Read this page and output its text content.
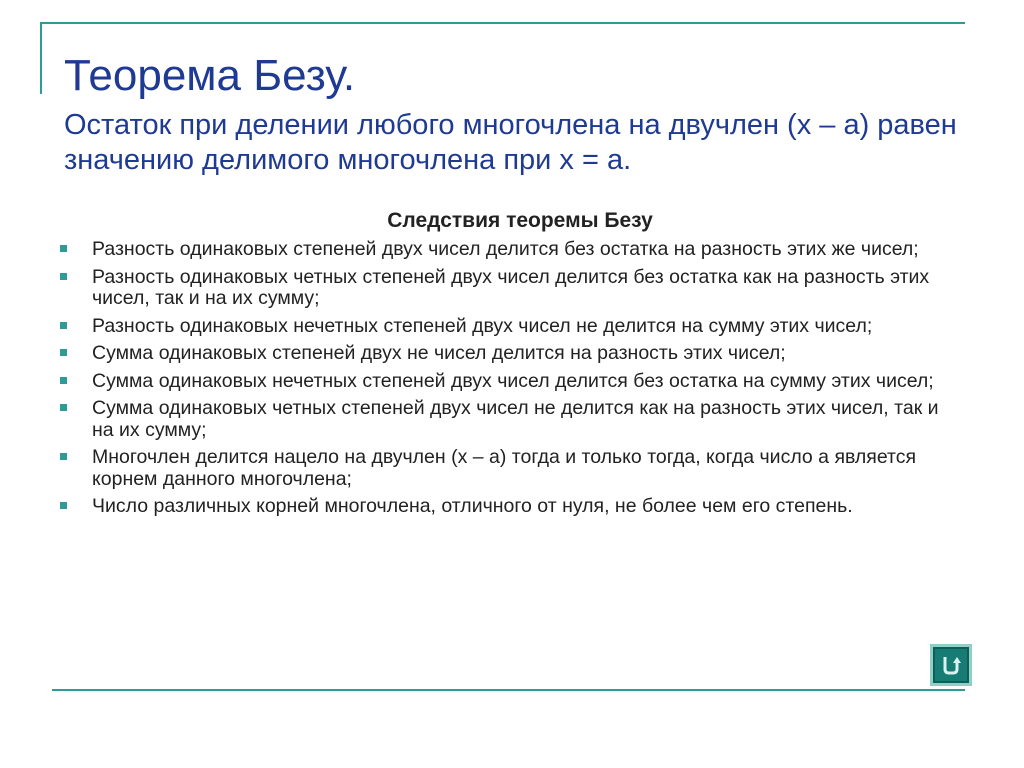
Теорема Безу.

Остаток при делении любого многочлена на двучлен (х – а) равен значению делимого многочлена при х = а.

Следствия теоремы Безу

Разность одинаковых степеней двух чисел делится без остатка на разность этих же чисел;
Разность одинаковых четных степеней двух чисел делится без остатка как на разность этих чисел, так и на их сумму;
Разность одинаковых нечетных степеней двух чисел не делится на сумму этих чисел;
Сумма одинаковых степеней двух не чисел делится на разность этих чисел;
Сумма одинаковых нечетных степеней двух чисел делится без остатка на сумму этих чисел;
Сумма одинаковых четных степеней двух чисел не делится как на разность этих чисел, так и на их сумму;
Многочлен делится нацело на двучлен (х – а) тогда и только тогда, когда число а является корнем данного многочлена;
Число различных корней многочлена, отличного от нуля, не более чем его степень.
